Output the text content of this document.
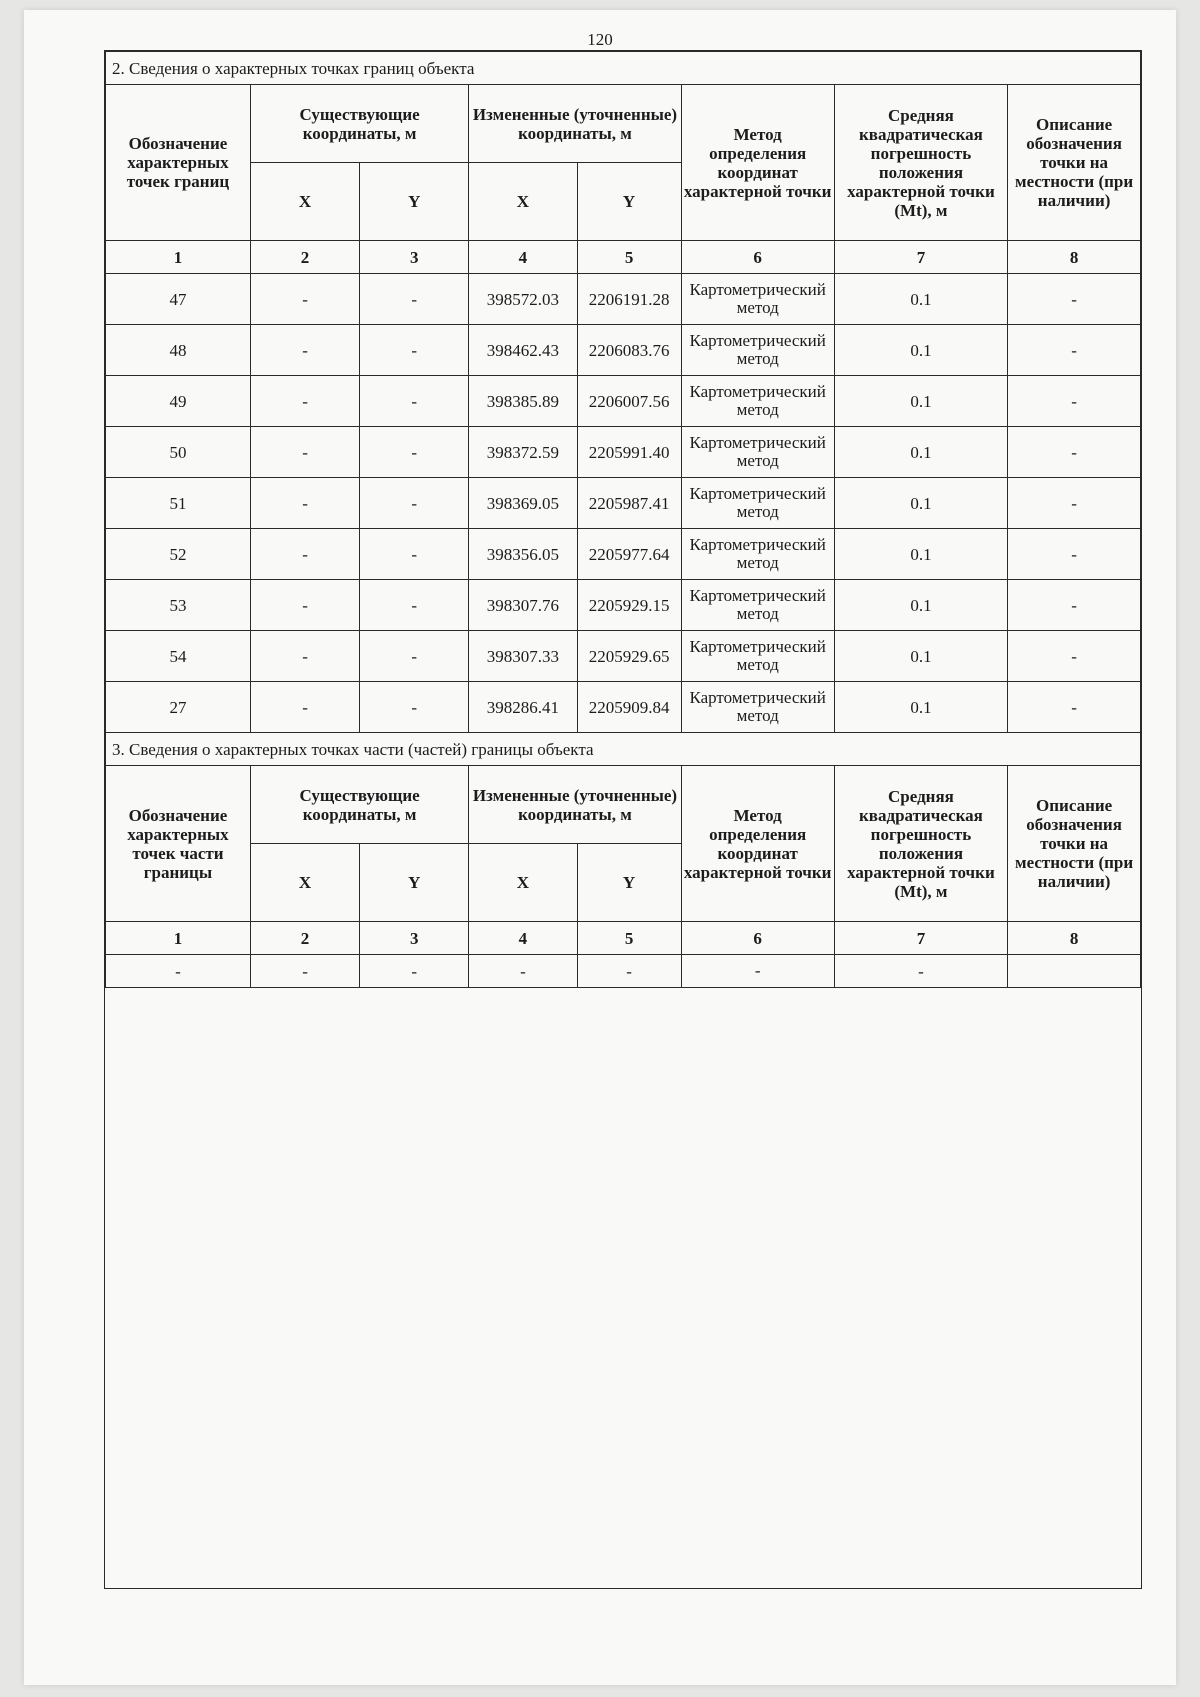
120
2. Сведения о характерных точках границ объекта							
Обозначение характерных точек границ	Существующие координаты, м		Измененные (уточненные) координаты, м		Метод определения координат характерной точки	Средняя квадратическая погрешность положения характерной точки (Mt), м	Описание обозначения точки на местности (при наличии)
	X	Y	X	Y			
1	2	3	4	5	6	7	8
47	-	-	398572.03	2206191.28	Картометрический метод	0.1	-
48	-	-	398462.43	2206083.76	Картометрический метод	0.1	-
49	-	-	398385.89	2206007.56	Картометрический метод	0.1	-
50	-	-	398372.59	2205991.40	Картометрический метод	0.1	-
51	-	-	398369.05	2205987.41	Картометрический метод	0.1	-
52	-	-	398356.05	2205977.64	Картометрический метод	0.1	-
53	-	-	398307.76	2205929.15	Картометрический метод	0.1	-
54	-	-	398307.33	2205929.65	Картометрический метод	0.1	-
27	-	-	398286.41	2205909.84	Картометрический метод	0.1	-
3. Сведения о характерных точках части (частей) границы объекта							
Обозначение характерных точек части границы	Существующие координаты, м		Измененные (уточненные) координаты, м		Метод определения координат характерной точки	Средняя квадратическая погрешность положения характерной точки (Mt), м	Описание обозначения точки на местности (при наличии)
	X	Y	X	Y			
1	2	3	4	5	6	7	8
-	-	-	-	-	-	-	
